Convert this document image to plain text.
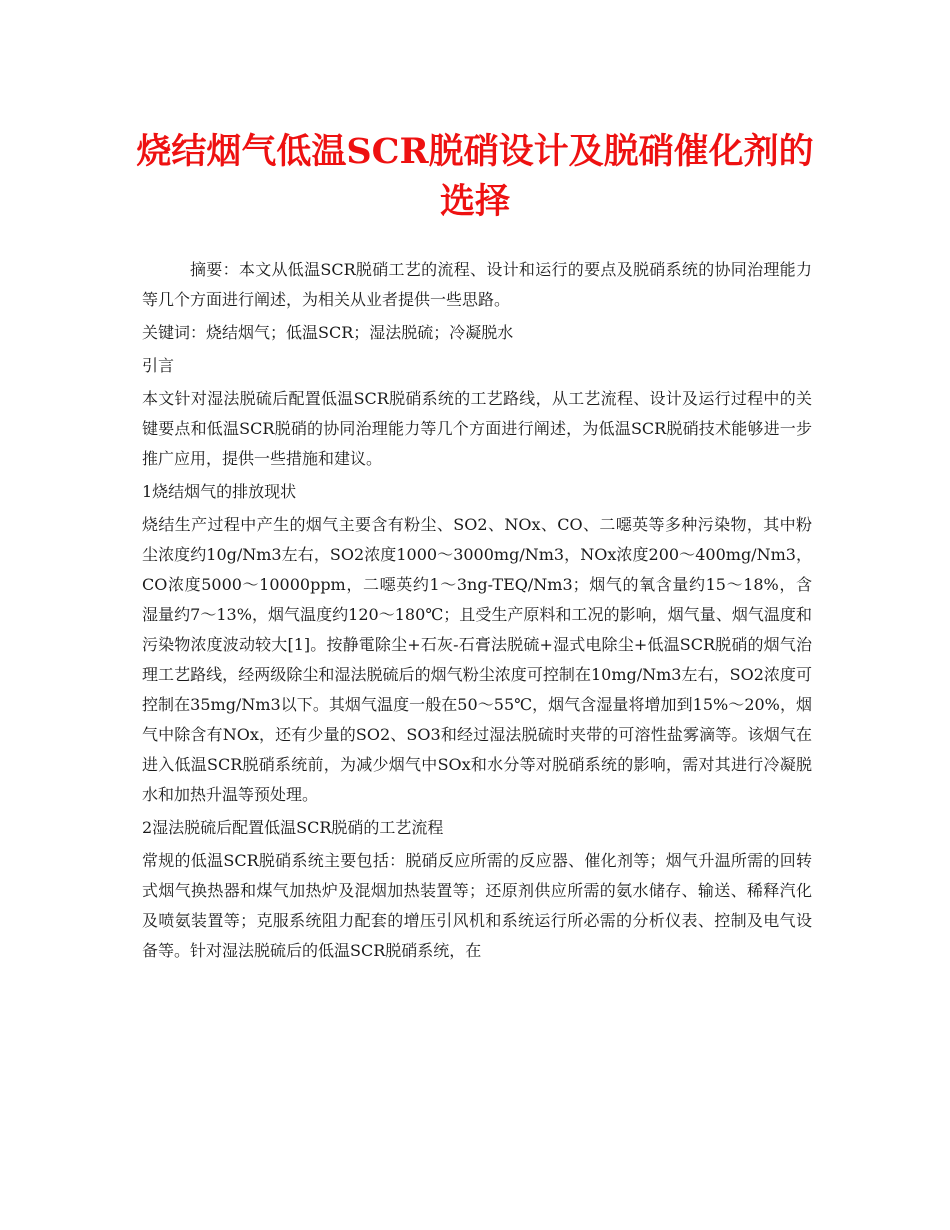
烧结烟气低温SCR脱硝设计及脱硝催化剂的选择

摘要：本文从低温SCR脱硝工艺的流程、设计和运行的要点及脱硝系统的协同治理能力等几个方面进行阐述，为相关从业者提供一些思路。

关键词：烧结烟气；低温SCR；湿法脱硫；冷凝脱水

引言

本文针对湿法脱硫后配置低温SCR脱硝系统的工艺路线，从工艺流程、设计及运行过程中的关键要点和低温SCR脱硝的协同治理能力等几个方面进行阐述，为低温SCR脱硝技术能够进一步推广应用，提供一些措施和建议。

1烧结烟气的排放现状

烧结生产过程中产生的烟气主要含有粉尘、SO2、NOx、CO、二噁英等多种污染物，其中粉尘浓度约10g/Nm3左右，SO2浓度1000～3000mg/Nm3，NOx浓度200～400mg/Nm3，CO浓度5000～10000ppm，二噁英约1～3ng-TEQ/Nm3；烟气的氧含量约15～18%，含湿量约7～13%，烟气温度约120～180℃；且受生产原料和工况的影响，烟气量、烟气温度和污染物浓度波动较大[1]。按静電除尘+石灰-石膏法脱硫+湿式电除尘+低温SCR脱硝的烟气治理工艺路线，经两级除尘和湿法脱硫后的烟气粉尘浓度可控制在10mg/Nm3左右，SO2浓度可控制在35mg/Nm3以下。其烟气温度一般在50～55℃，烟气含湿量将增加到15%～20%，烟气中除含有NOx，还有少量的SO2、SO3和经过湿法脱硫时夹带的可溶性盐雾滴等。该烟气在进入低温SCR脱硝系统前，为减少烟气中SOx和水分等对脱硝系统的影响，需对其进行冷凝脱水和加热升温等预处理。

2湿法脱硫后配置低温SCR脱硝的工艺流程

常规的低温SCR脱硝系统主要包括：脱硝反应所需的反应器、催化剂等；烟气升温所需的回转式烟气换热器和煤气加热炉及混烟加热装置等；还原剂供应所需的氨水储存、输送、稀释汽化及喷氨装置等；克服系统阻力配套的增压引风机和系统运行所必需的分析仪表、控制及电气设备等。针对湿法脱硫后的低温SCR脱硝系统，在
